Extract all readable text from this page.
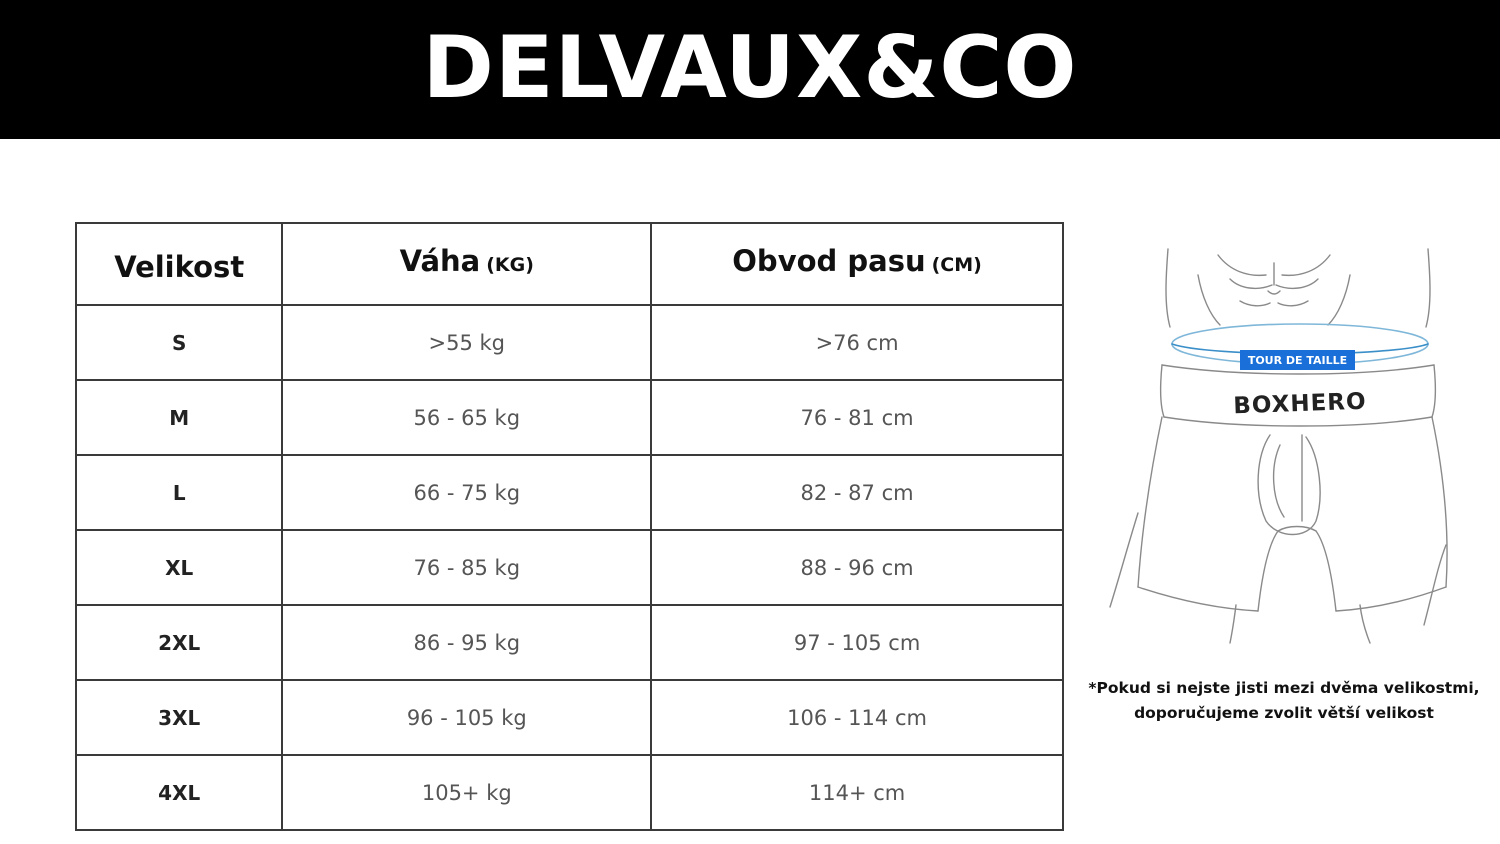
DELVAUX&CO
Velikost	Váha (KG)	Obvod pasu (CM)
S	>55 kg	>76 cm
M	56 - 65 kg	76 - 81 cm
L	66 - 75 kg	82 - 87 cm
XL	76 - 85 kg	88 - 96 cm
2XL	86 - 95 kg	97 - 105 cm
3XL	96 - 105 kg	106 - 114 cm
4XL	105+ kg	114+ cm
TOUR DE TAILLE
BOXHERO
*Pokud si nejste jisti mezi dvěma velikostmi,
doporučujeme zvolit větší velikost
